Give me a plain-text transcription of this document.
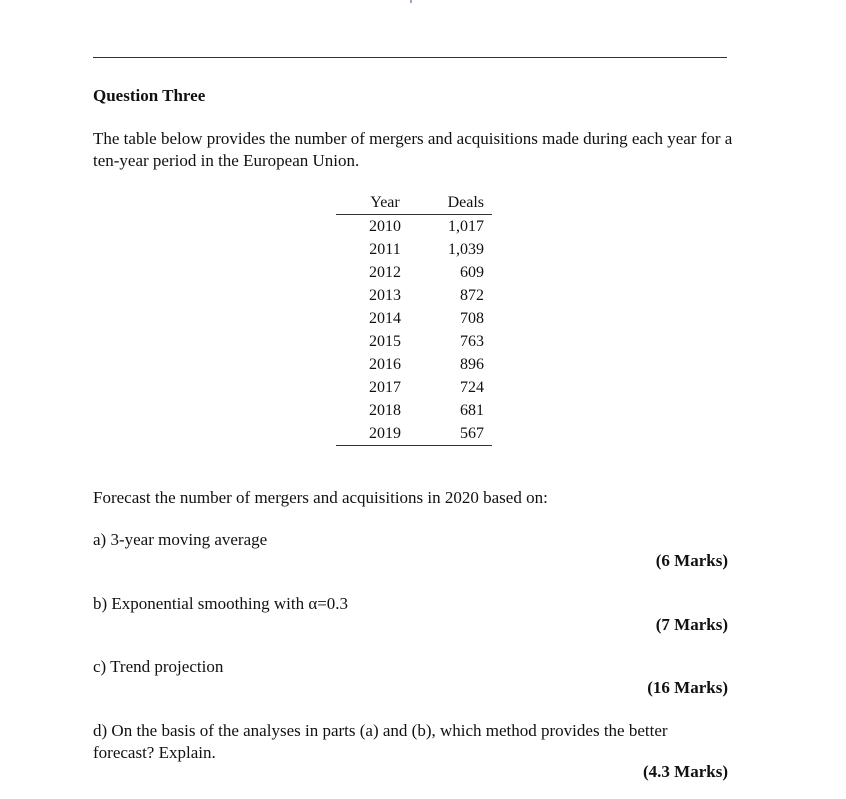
Question Three
The table below provides the number of mergers and acquisitions made during each year for a ten-year period in the European Union.
Year	Deals
2010	1,017
2011	1,039
2012	609
2013	872
2014	708
2015	763
2016	896
2017	724
2018	681
2019	567
Forecast the number of mergers and acquisitions in 2020 based on:
a) 3-year moving average
(6 Marks)
b) Exponential smoothing with α=0.3
(7 Marks)
c) Trend projection
(16 Marks)
d) On the basis of the analyses in parts (a) and (b), which method provides the better forecast? Explain.
(4.3 Marks)
